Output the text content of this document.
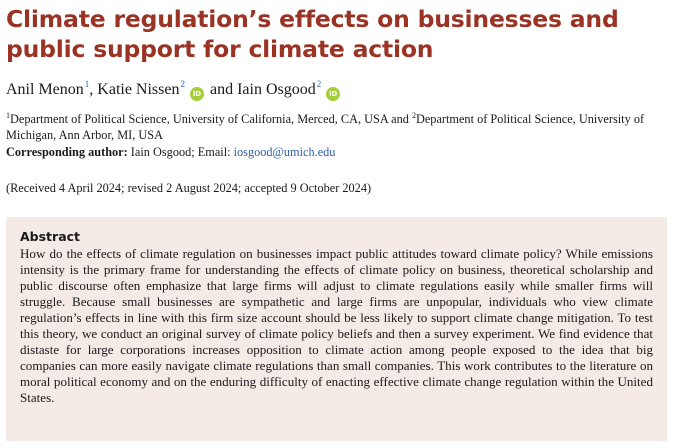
Climate regulation’s effects on businesses and public support for climate action
Anil Menon$^1$, Katie Nissen$^2$iD and Iain Osgood$^2$iD
$^1$Department of Political Science, University of California, Merced, CA, USA and $^2$Department of Political Science, University of Michigan, Ann Arbor, MI, USA
Corresponding author: Iain Osgood; Email: iosgood@umich.edu
(Received 4 April 2024; revised 2 August 2024; accepted 9 October 2024)
Abstract

How do the effects of climate regulation on businesses impact public attitudes toward climate policy? While emissions intensity is the primary frame for understanding the effects of climate policy on business, theoretical scholarship and public discourse often emphasize that large firms will adjust to climate regulations easily while smaller firms will struggle. Because small businesses are sympathetic and large firms are unpopular, individuals who view climate regulation’s effects in line with this firm size account should be less likely to support climate change mitigation. To test this theory, we conduct an original survey of climate policy beliefs and then a survey experiment. We find evidence that distaste for large corporations increases opposition to climate action among people exposed to the idea that big companies can more easily navigate climate regulations than small companies. This work contributes to the literature on moral political economy and on the enduring difficulty of enacting effective climate change regulation within the United States.
